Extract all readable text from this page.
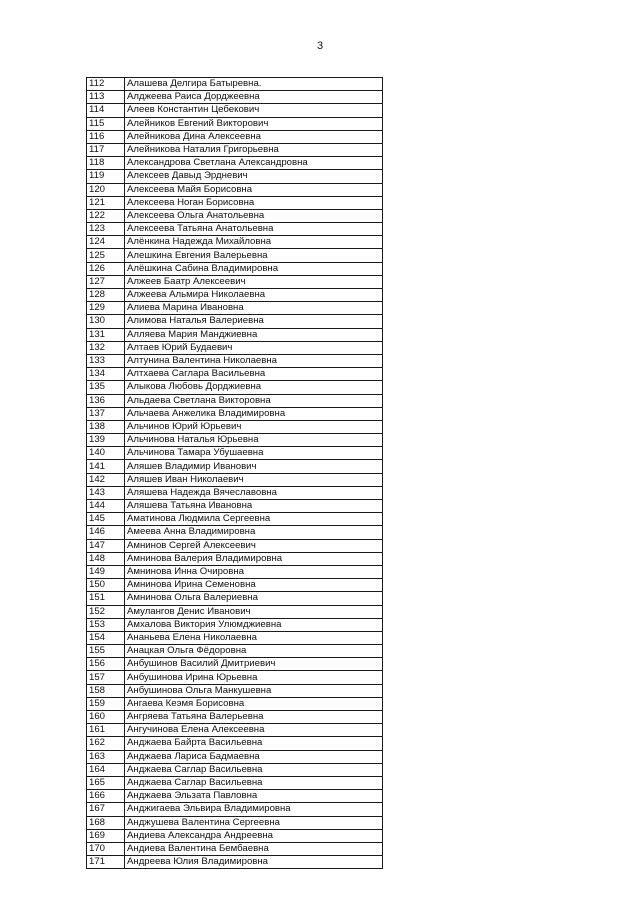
3
112	Алашева Делгира Батыревна.
113	Алджеева Раиса Дорджеевна
114	Алеев Константин Цебекович
115	Алейников Евгений Викторович
116	Алейникова Дина Алексеевна
117	Алейникова Наталия Григорьевна
118	Александрова Светлана Александровна
119	Алексеев Давыд Эрдневич
120	Алексеева Майя Борисовна
121	Алексеева Ноган Борисовна
122	Алексеева Ольга Анатольевна
123	Алексеева Татьяна Анатольевна
124	Алёнкина Надежда Михайловна
125	Алешкина Евгения Валерьевна
126	Алёшкина Сабина Владимировна
127	Алжеев Баатр Алексеевич
128	Алжеева Альмира Николаевна
129	Алиева Марина Ивановна
130	Алимова Наталья Валериевна
131	Алляева Мария Манджиевна
132	Алтаев Юрий Будаевич
133	Алтунина Валентина Николаевна
134	Алтхаева Саглара Васильевна
135	Алыкова Любовь Дорджиевна
136	Альдаева Светлана Викторовна
137	Альчаева Анжелика Владимировна
138	Альчинов Юрий Юрьевич
139	Альчинова Наталья Юрьевна
140	Альчинова Тамара Убушаевна
141	Аляшев Владимир Иванович
142	Аляшев Иван Николаевич
143	Аляшева Надежда Вячеславовна
144	Аляшева Татьяна Ивановна
145	Аматинова Людмила Сергеевна
146	Амеева Анна Владимировна
147	Амнинов Сергей Алексеевич
148	Амнинова Валерия Владимировна
149	Амнинова Инна Очировна
150	Амнинова Ирина Семеновна
151	Амнинова Ольга Валериевна
152	Амулангов Денис Иванович
153	Амхалова Виктория Улюмджиевна
154	Ананьева Елена Николаевна
155	Анацкая Ольга Фёдоровна
156	Анбушинов Василий Дмитриевич
157	Анбушинова Ирина Юрьевна
158	Анбушинова Ольга Манкушевна
159	Ангаева Кеэмя Борисовна
160	Ангряева Татьяна Валерьевна
161	Ангучинова Елена Алексеевна
162	Анджаева Байрта Васильевна
163	Анджаева Лариса Бадмаевна
164	Анджаева Саглар Васильевна
165	Анджаева Саглар Васильевна
166	Анджаева Эльзата Павловна
167	Анджигаева Эльвира Владимировна
168	Анджушева Валентина Сергеевна
169	Андиева Александра Андреевна
170	Андиева Валентина Бембаевна
171	Андреева Юлия Владимировна
